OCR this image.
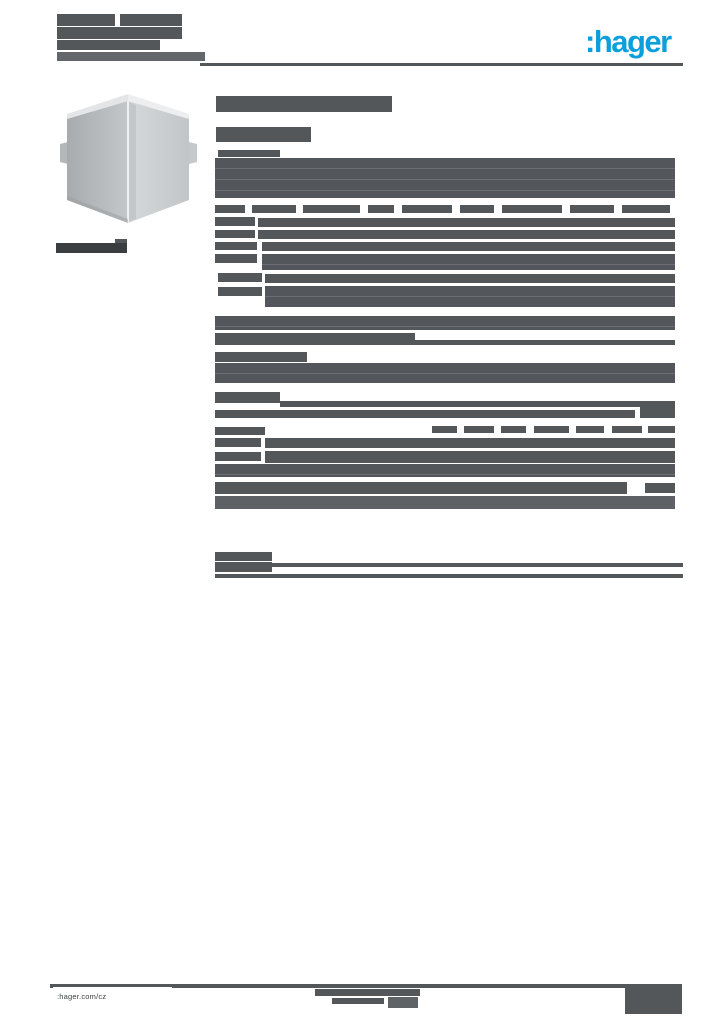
:hager
:hager.com/cz
